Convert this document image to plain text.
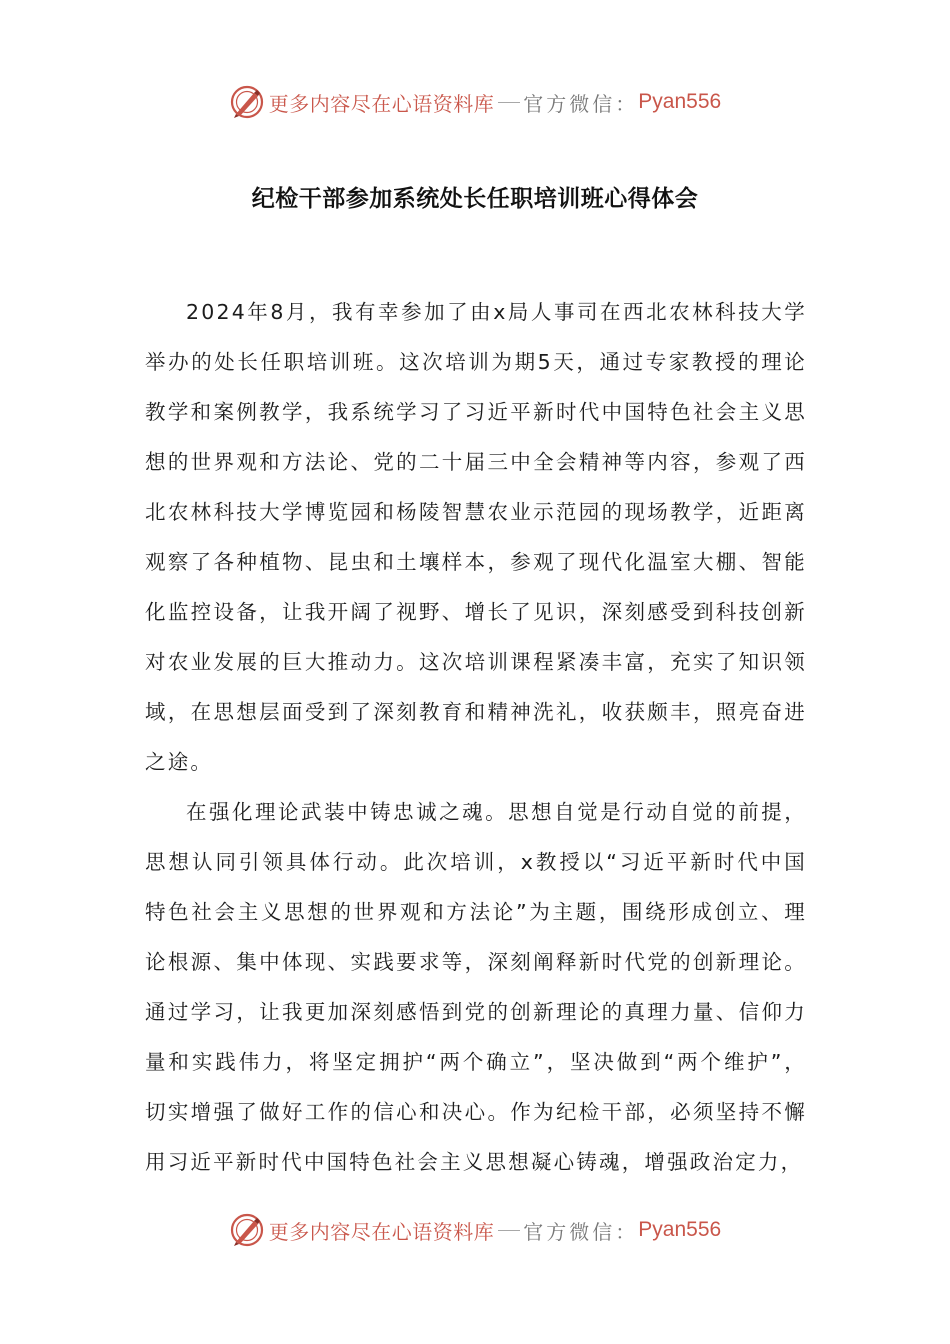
更多内容尽在心语资料库 官方微信： Pyan556
纪检干部参加系统处长任职培训班心得体会

2024年8月，我有幸参加了由x局人事司在西北农林科技大学举办的处长任职培训班。这次培训为期5天，通过专家教授的理论教学和案例教学，我系统学习了习近平新时代中国特色社会主义思想的世界观和方法论、党的二十届三中全会精神等内容，参观了西北农林科技大学博览园和杨陵智慧农业示范园的现场教学，近距离观察了各种植物、昆虫和土壤样本，参观了现代化温室大棚、智能化监控设备，让我开阔了视野、增长了见识，深刻感受到科技创新对农业发展的巨大推动力。这次培训课程紧凑丰富，充实了知识领域，在思想层面受到了深刻教育和精神洗礼，收获颇丰，照亮奋进之途。

在强化理论武装中铸忠诚之魂。思想自觉是行动自觉的前提，思想认同引领具体行动。此次培训，x教授以“习近平新时代中国特色社会主义思想的世界观和方法论”为主题，围绕形成创立、理论根源、集中体现、实践要求等，深刻阐释新时代党的创新理论。通过学习，让我更加深刻感悟到党的创新理论的真理力量、信仰力量和实践伟力，将坚定拥护“两个确立”，坚决做到“两个维护”，切实增强了做好工作的信心和决心。作为纪检干部，必须坚持不懈用习近平新时代中国特色社会主义思想凝心铸魂，增强政治定力，

更多内容尽在心语资料库 官方微信： Pyan556
